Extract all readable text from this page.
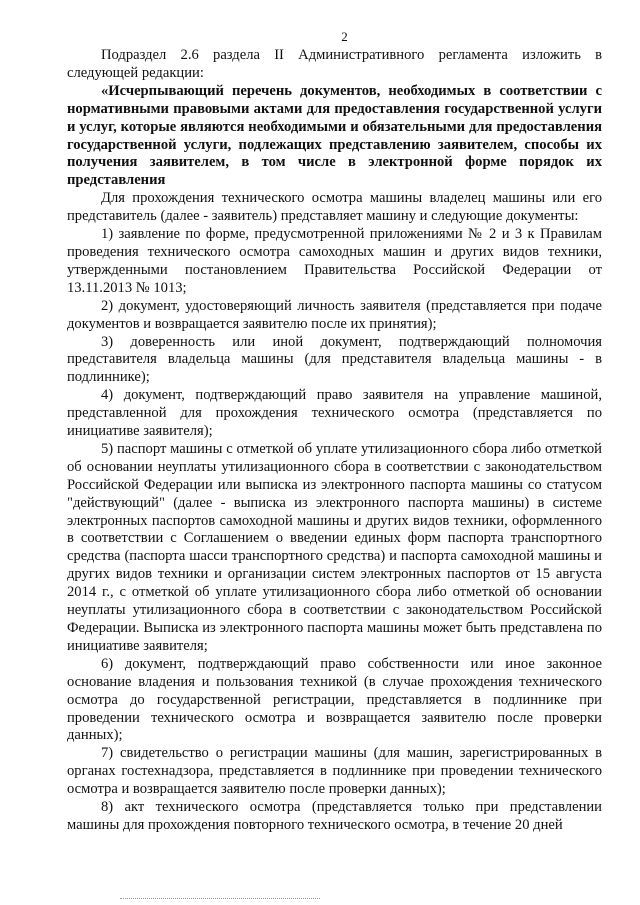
2

Подраздел 2.6 раздела II Административного регламента изложить в следующей редакции:

«Исчерпывающий перечень документов, необходимых в соответствии с нормативными правовыми актами для предоставления государственной услуги и услуг, которые являются необходимыми и обязательными для предоставления государственной услуги, подлежащих представлению заявителем, способы их получения заявителем, в том числе в электронной форме порядок их представления

Для прохождения технического осмотра машины владелец машины или его представитель (далее - заявитель) представляет машину и следующие документы:

1) заявление по форме, предусмотренной приложениями № 2 и 3 к Правилам проведения технического осмотра самоходных машин и других видов техники, утвержденными постановлением Правительства Российской Федерации от 13.11.2013 № 1013;

2) документ, удостоверяющий личность заявителя (представляется при подаче документов и возвращается заявителю после их принятия);

3) доверенность или иной документ, подтверждающий полномочия представителя владельца машины (для представителя владельца машины - в подлиннике);

4) документ, подтверждающий право заявителя на управление машиной, представленной для прохождения технического осмотра (представляется по инициативе заявителя);

5) паспорт машины с отметкой об уплате утилизационного сбора либо отметкой об основании неуплаты утилизационного сбора в соответствии с законодательством Российской Федерации или выписка из электронного паспорта машины со статусом "действующий" (далее - выписка из электронного паспорта машины) в системе электронных паспортов самоходной машины и других видов техники, оформленного в соответствии с Соглашением о введении единых форм паспорта транспортного средства (паспорта шасси транспортного средства) и паспорта самоходной машины и других видов техники и организации систем электронных паспортов от 15 августа 2014 г., с отметкой об уплате утилизационного сбора либо отметкой об основании неуплаты утилизационного сбора в соответствии с законодательством Российской Федерации. Выписка из электронного паспорта машины может быть представлена по инициативе заявителя;

6) документ, подтверждающий право собственности или иное законное основание владения и пользования техникой (в случае прохождения технического осмотра до государственной регистрации, представляется в подлиннике при проведении технического осмотра и возвращается заявителю после проверки данных);

7) свидетельство о регистрации машины (для машин, зарегистрированных в органах гостехнадзора, представляется в подлиннике при проведении технического осмотра и возвращается заявителю после проверки данных);

8) акт технического осмотра (представляется только при представлении машины для прохождения повторного технического осмотра, в течение 20 дней
